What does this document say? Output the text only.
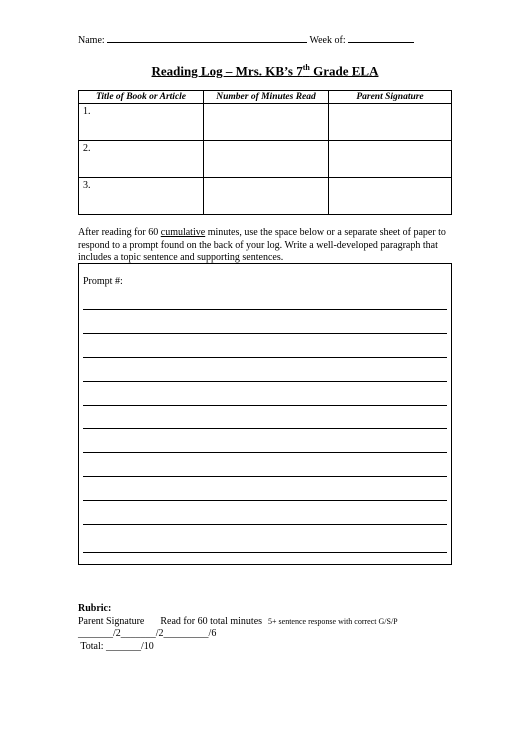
Name:	Week of:
Reading Log – Mrs. KB’s 7th Grade ELA
Title of Book or Article	Number of Minutes Read	Parent Signature
1.		
2.		
3.		
After reading for 60 cumulative minutes, use the space below or a separate sheet of paper to respond to a prompt found on the back of your log. Write a well-developed paragraph that includes a topic sentence and supporting sentences.
Prompt #:
Rubric:
Parent Signature Read for 60 total minutes 5+ sentence response with correct G/S/P
_______/2_______/2_________/6
Total: _______/10
